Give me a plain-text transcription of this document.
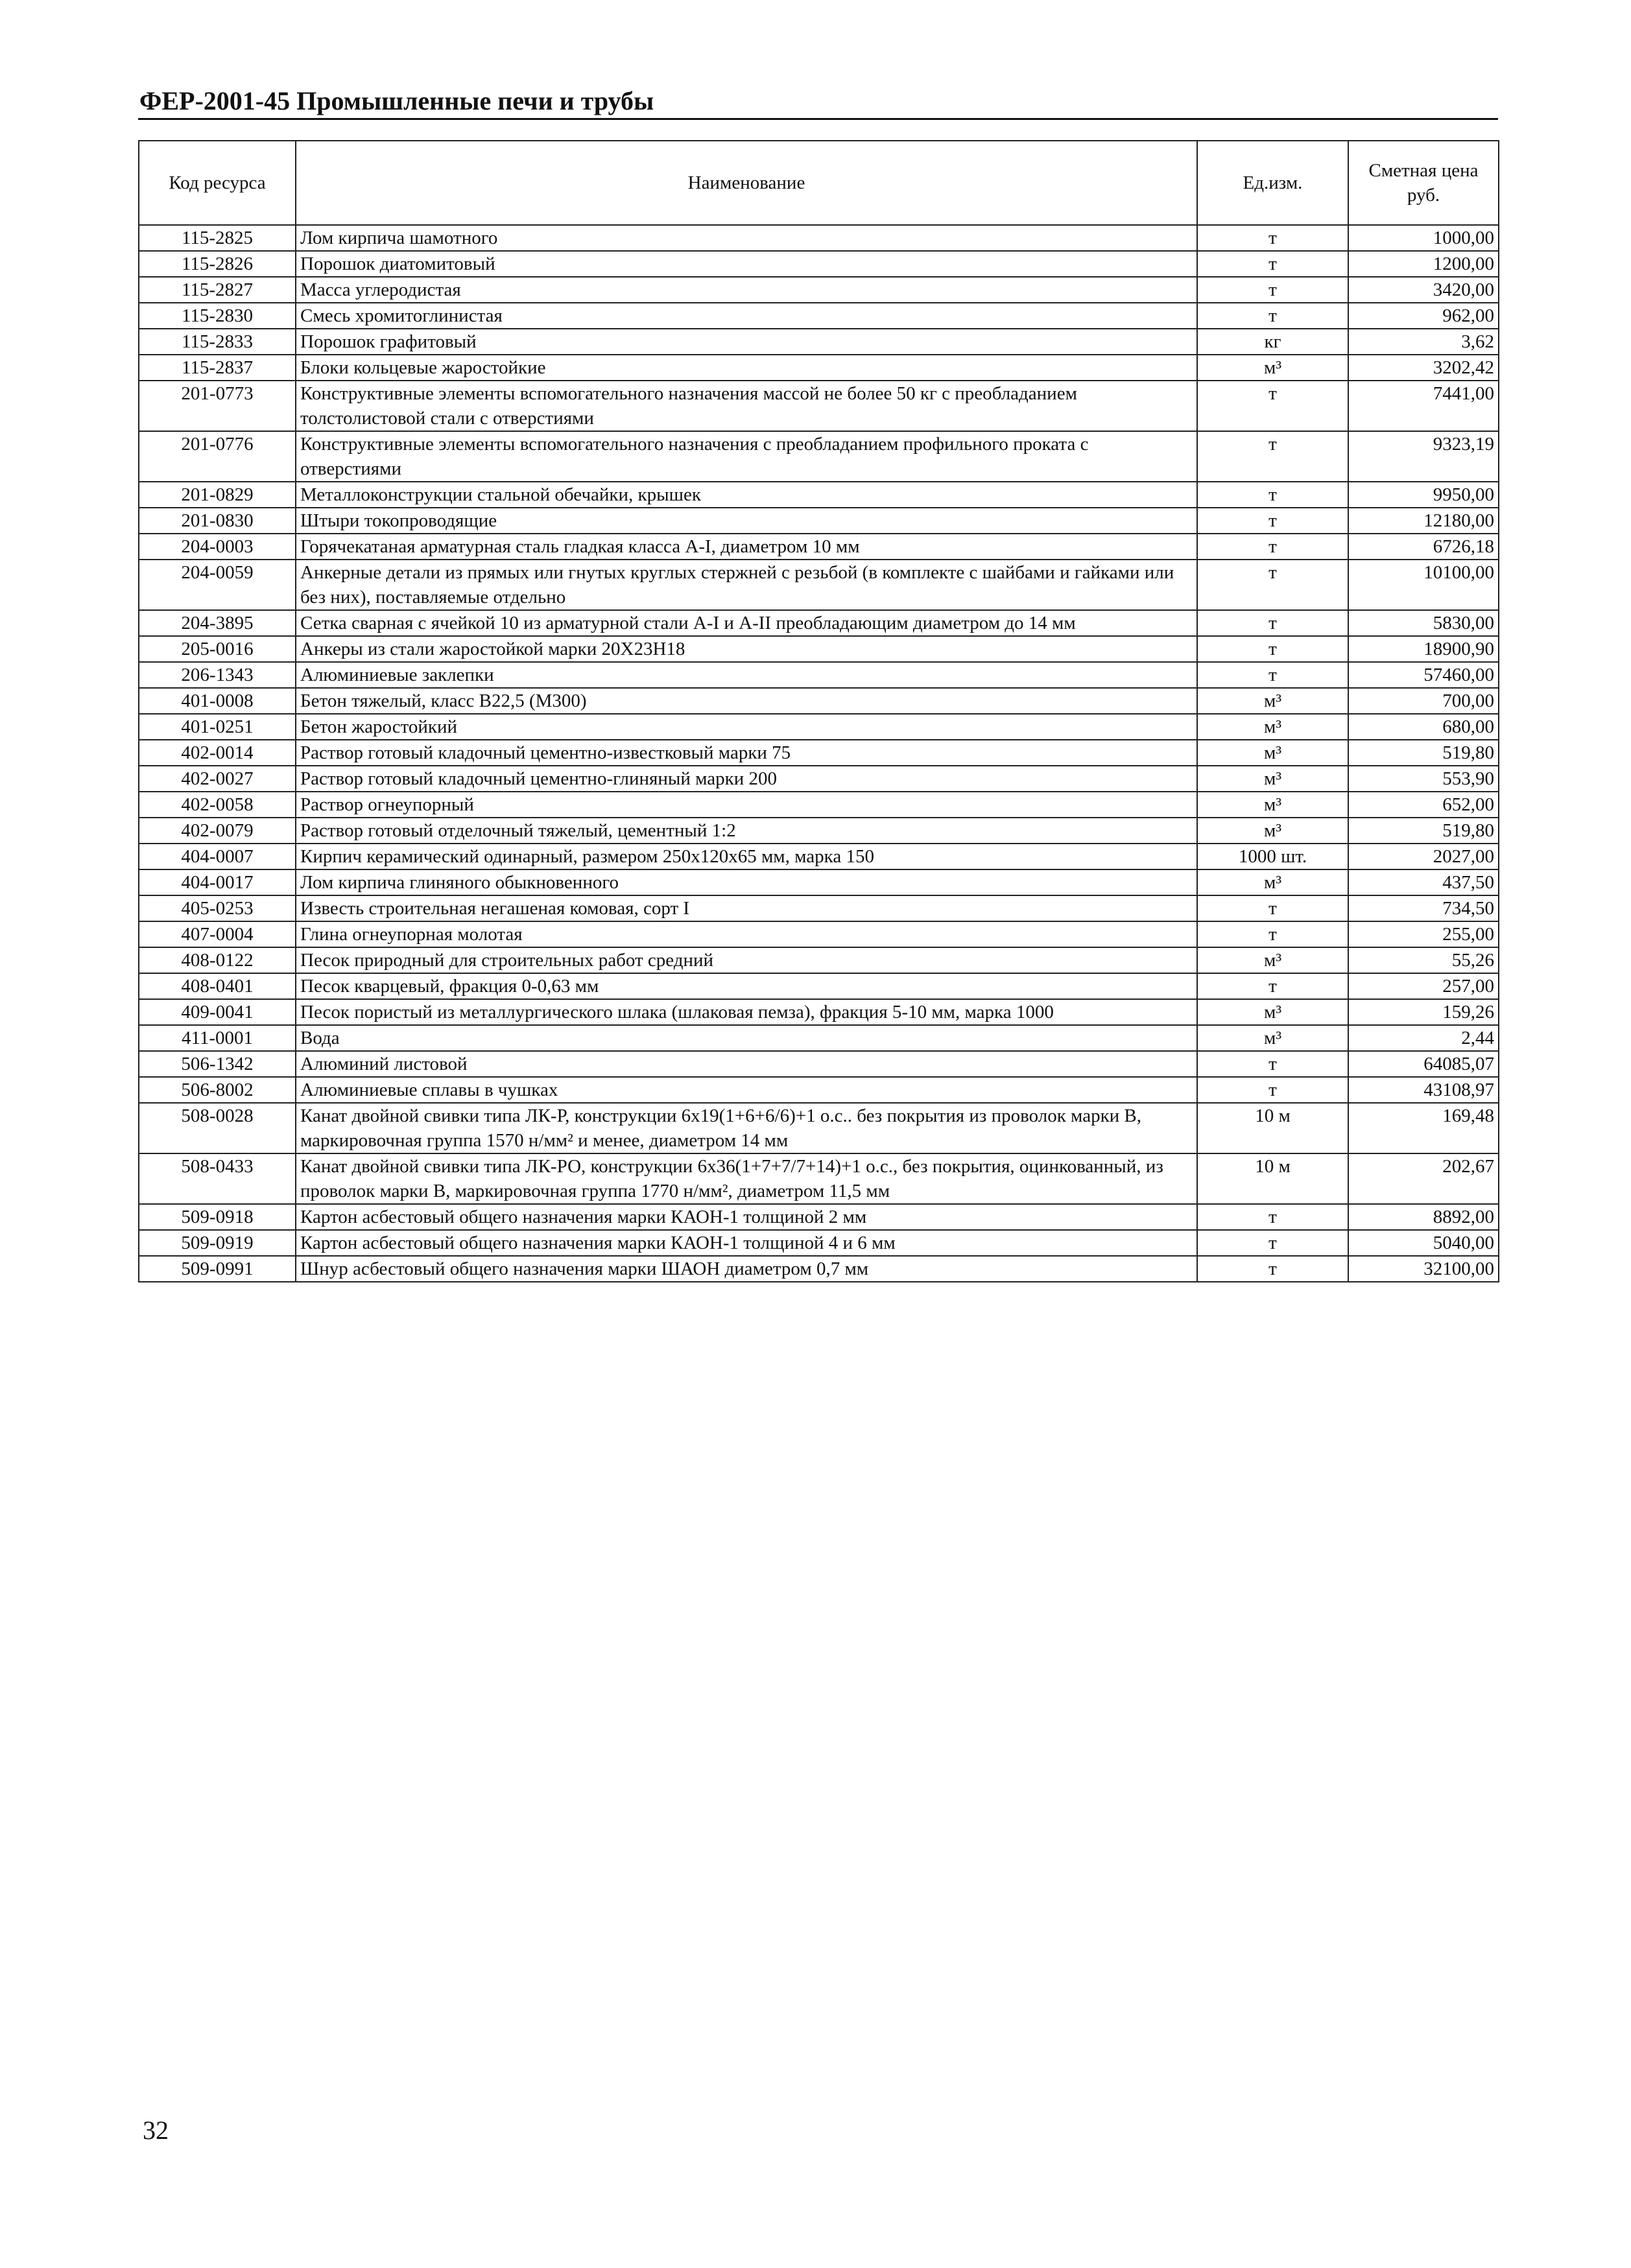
ФЕР-2001-45 Промышленные печи и трубы
Код ресурса	Наименование	Ед.изм.	Сметная цена руб.
115-2825	Лом кирпича шамотного	т	1000,00
115-2826	Порошок диатомитовый	т	1200,00
115-2827	Масса углеродистая	т	3420,00
115-2830	Смесь хромитоглинистая	т	962,00
115-2833	Порошок графитовый	кг	3,62
115-2837	Блоки кольцевые жаростойкие	м³	3202,42
201-0773	Конструктивные элементы вспомогательного назначения массой не более 50 кг с преобладанием толстолистовой стали с отверстиями	т	7441,00
201-0776	Конструктивные элементы вспомогательного назначения с преобладанием профильного проката с отверстиями	т	9323,19
201-0829	Металлоконструкции стальной обечайки, крышек	т	9950,00
201-0830	Штыри токопроводящие	т	12180,00
204-0003	Горячекатаная арматурная сталь гладкая класса А-I, диаметром 10 мм	т	6726,18
204-0059	Анкерные детали из прямых или гнутых круглых стержней с резьбой (в комплекте с шайбами и гайками или без них), поставляемые отдельно	т	10100,00
204-3895	Сетка сварная с ячейкой 10 из арматурной стали А-I и А-II преобладающим диаметром до 14 мм	т	5830,00
205-0016	Анкеры из стали жаростойкой марки 20Х23Н18	т	18900,90
206-1343	Алюминиевые заклепки	т	57460,00
401-0008	Бетон тяжелый, класс В22,5 (М300)	м³	700,00
401-0251	Бетон жаростойкий	м³	680,00
402-0014	Раствор готовый кладочный цементно-известковый марки 75	м³	519,80
402-0027	Раствор готовый кладочный цементно-глиняный марки 200	м³	553,90
402-0058	Раствор огнеупорный	м³	652,00
402-0079	Раствор готовый отделочный тяжелый, цементный 1:2	м³	519,80
404-0007	Кирпич керамический одинарный, размером 250х120х65 мм, марка 150	1000 шт.	2027,00
404-0017	Лом кирпича глиняного обыкновенного	м³	437,50
405-0253	Известь строительная негашеная комовая, сорт I	т	734,50
407-0004	Глина огнеупорная молотая	т	255,00
408-0122	Песок природный для строительных работ средний	м³	55,26
408-0401	Песок кварцевый, фракция 0-0,63 мм	т	257,00
409-0041	Песок пористый из металлургического шлака (шлаковая пемза), фракция 5-10 мм, марка 1000	м³	159,26
411-0001	Вода	м³	2,44
506-1342	Алюминий листовой	т	64085,07
506-8002	Алюминиевые сплавы в чушках	т	43108,97
508-0028	Канат двойной свивки типа ЛК-Р, конструкции 6х19(1+6+6/6)+1 о.с.. без покрытия из проволок марки В, маркировочная группа 1570 н/мм² и менее, диаметром 14 мм	10 м	169,48
508-0433	Канат двойной свивки типа ЛК-РО, конструкции 6х36(1+7+7/7+14)+1 о.с., без покрытия, оцинкованный, из проволок марки В, маркировочная группа 1770 н/мм², диаметром 11,5 мм	10 м	202,67
509-0918	Картон асбестовый общего назначения марки КАОН-1 толщиной 2 мм	т	8892,00
509-0919	Картон асбестовый общего назначения марки КАОН-1 толщиной 4 и 6 мм	т	5040,00
509-0991	Шнур асбестовый общего назначения марки ШАОН диаметром 0,7 мм	т	32100,00
32
